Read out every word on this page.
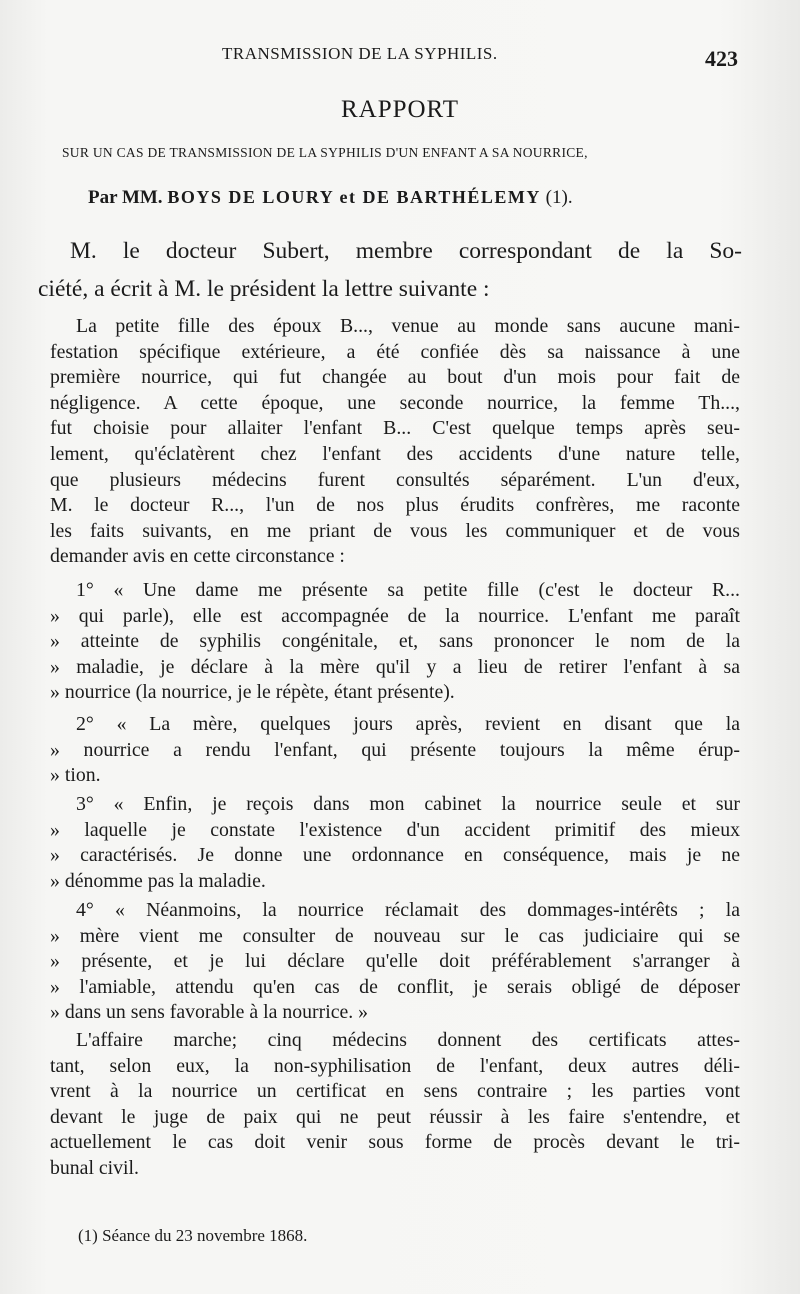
TRANSMISSION DE LA SYPHILIS.	423
RAPPORT
SUR UN CAS DE TRANSMISSION DE LA SYPHILIS D'UN ENFANT A SA NOURRICE,
Par MM. BOYS DE LOURY et DE BARTHÉLEMY (1).
M. le docteur Subert, membre correspondant de la So-
ciété, a écrit à M. le président la lettre suivante :
La petite fille des époux B..., venue au monde sans aucune mani-
festation spécifique extérieure, a été confiée dès sa naissance à une
première nourrice, qui fut changée au bout d'un mois pour fait de
négligence. A cette époque, une seconde nourrice, la femme Th...,
fut choisie pour allaiter l'enfant B... C'est quelque temps après seu-
lement, qu'éclatèrent chez l'enfant des accidents d'une nature telle,
que plusieurs médecins furent consultés séparément. L'un d'eux,
M. le docteur R..., l'un de nos plus érudits confrères, me raconte
les faits suivants, en me priant de vous les communiquer et de vous
demander avis en cette circonstance :
1° « Une dame me présente sa petite fille (c'est le docteur R...
» qui parle), elle est accompagnée de la nourrice. L'enfant me paraît
» atteinte de syphilis congénitale, et, sans prononcer le nom de la
» maladie, je déclare à la mère qu'il y a lieu de retirer l'enfant à sa
» nourrice (la nourrice, je le répète, étant présente).
2° « La mère, quelques jours après, revient en disant que la
» nourrice a rendu l'enfant, qui présente toujours la même érup-
» tion.
3° « Enfin, je reçois dans mon cabinet la nourrice seule et sur
» laquelle je constate l'existence d'un accident primitif des mieux
» caractérisés. Je donne une ordonnance en conséquence, mais je ne
» dénomme pas la maladie.
4° « Néanmoins, la nourrice réclamait des dommages-intérêts ; la
» mère vient me consulter de nouveau sur le cas judiciaire qui se
» présente, et je lui déclare qu'elle doit préférablement s'arranger à
» l'amiable, attendu qu'en cas de conflit, je serais obligé de déposer
» dans un sens favorable à la nourrice. »
L'affaire marche; cinq médecins donnent des certificats attes-
tant, selon eux, la non-syphilisation de l'enfant, deux autres déli-
vrent à la nourrice un certificat en sens contraire ; les parties vont
devant le juge de paix qui ne peut réussir à les faire s'entendre, et
actuellement le cas doit venir sous forme de procès devant le tri-
bunal civil.
(1) Séance du 23 novembre 1868.
